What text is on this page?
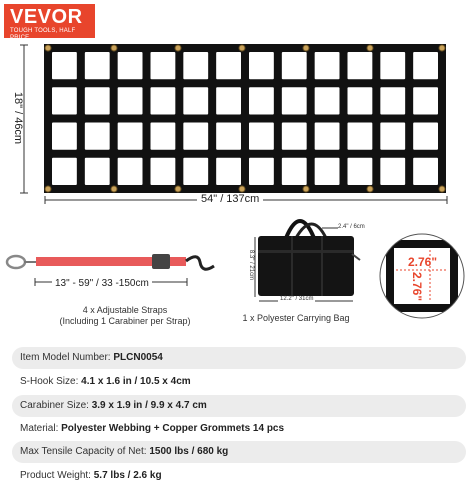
VEVOR
TOUGH TOOLS, HALF PRICE
18" / 46cm
54" / 137cm
13" - 59" / 33 -150cm
4 x Adjustable Straps
(Including 1 Carabiner per Strap)
8.3" / 21cm
2.4" / 6cm
12.2" / 31cm
1 x Polyester Carrying Bag
2.76"
2.76"
Item Model Number: PLCN0054
S-Hook Size: 4.1 x 1.6 in / 10.5 x 4cm
Carabiner Size: 3.9 x 1.9 in / 9.9 x 4.7 cm
Material: Polyester Webbing + Copper Grommets 14 pcs
Max Tensile Capacity of Net: 1500 lbs / 680 kg
Product Weight: 5.7 lbs / 2.6 kg
